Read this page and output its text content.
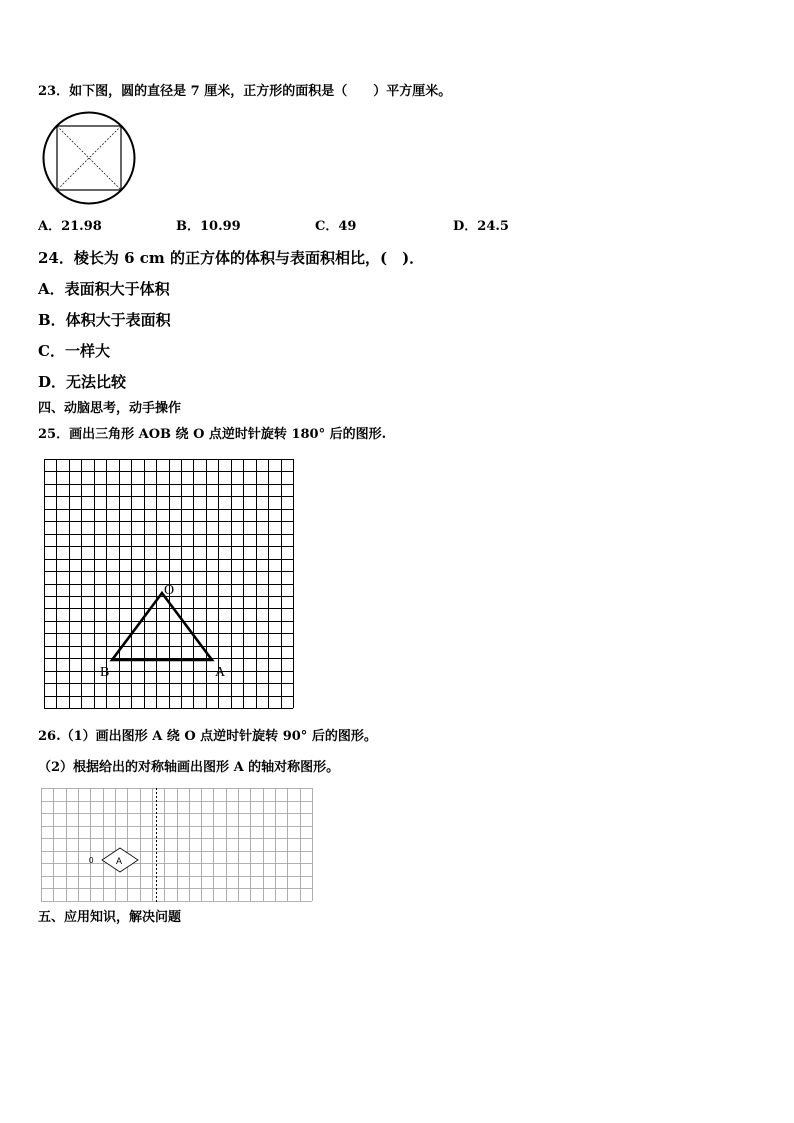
23．如下图，圆的直径是 7 厘米，正方形的面积是（　　）平方厘米。
A．21.98	B．10.99	C．49	D．24.5
24．棱长为 6 cm 的正方体的体积与表面积相比，(　)．
A．表面积大于体积
B．体积大于表面积
C．一样大
D．无法比较
四、动脑思考，动手操作
25．画出三角形 AOB 绕 O 点逆时针旋转 180° 后的图形.
O
B	A
26.（1）画出图形 A 绕 O 点逆时针旋转 90° 后的图形。
（2）根据给出的对称轴画出图形 A 的轴对称图形。
A
0
五、应用知识，解决问题
